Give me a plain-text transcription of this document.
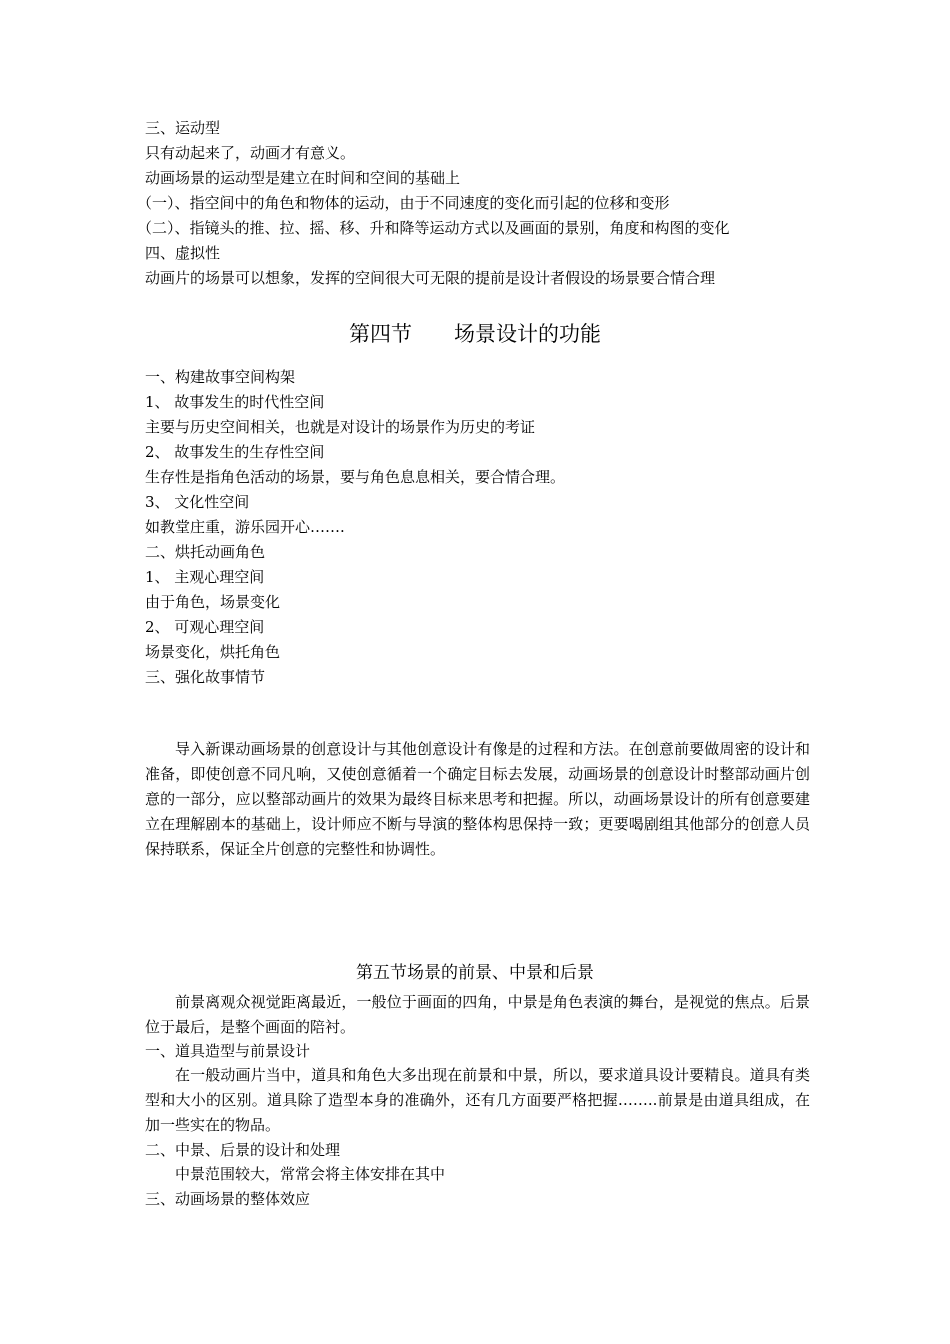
三、运动型
只有动起来了，动画才有意义。
动画场景的运动型是建立在时间和空间的基础上
（一）、指空间中的角色和物体的运动，由于不同速度的变化而引起的位移和变形
（二）、指镜头的推、拉、摇、移、升和降等运动方式以及画面的景别，角度和构图的变化
四、虚拟性
动画片的场景可以想象，发挥的空间很大可无限的提前是设计者假设的场景要合情合理
第四节　　场景设计的功能
一、构建故事空间构架
1、 故事发生的时代性空间
主要与历史空间相关，也就是对设计的场景作为历史的考证
2、 故事发生的生存性空间
生存性是指角色活动的场景，要与角色息息相关，要合情合理。
3、 文化性空间
如教堂庄重，游乐园开心…….
二、烘托动画角色
1、 主观心理空间
由于角色，场景变化
2、 可观心理空间
场景变化，烘托角色
三、强化故事情节
导入新课动画场景的创意设计与其他创意设计有像是的过程和方法。在创意前要做周密的设计和准备，即使创意不同凡响，又使创意循着一个确定目标去发展，动画场景的创意设计时整部动画片创意的一部分，应以整部动画片的效果为最终目标来思考和把握。所以，动画场景设计的所有创意要建立在理解剧本的基础上，设计师应不断与导演的整体构思保持一致；更要喝剧组其他部分的创意人员保持联系，保证全片创意的完整性和协调性。
第五节场景的前景、中景和后景
前景离观众视觉距离最近，一般位于画面的四角，中景是角色表演的舞台，是视觉的焦点。后景位于最后，是整个画面的陪衬。
一、道具造型与前景设计
在一般动画片当中，道具和角色大多出现在前景和中景，所以，要求道具设计要精良。道具有类型和大小的区别。道具除了造型本身的准确外，还有几方面要严格把握……..前景是由道具组成，在加一些实在的物品。
二、中景、后景的设计和处理
中景范围较大，常常会将主体安排在其中
三、动画场景的整体效应
